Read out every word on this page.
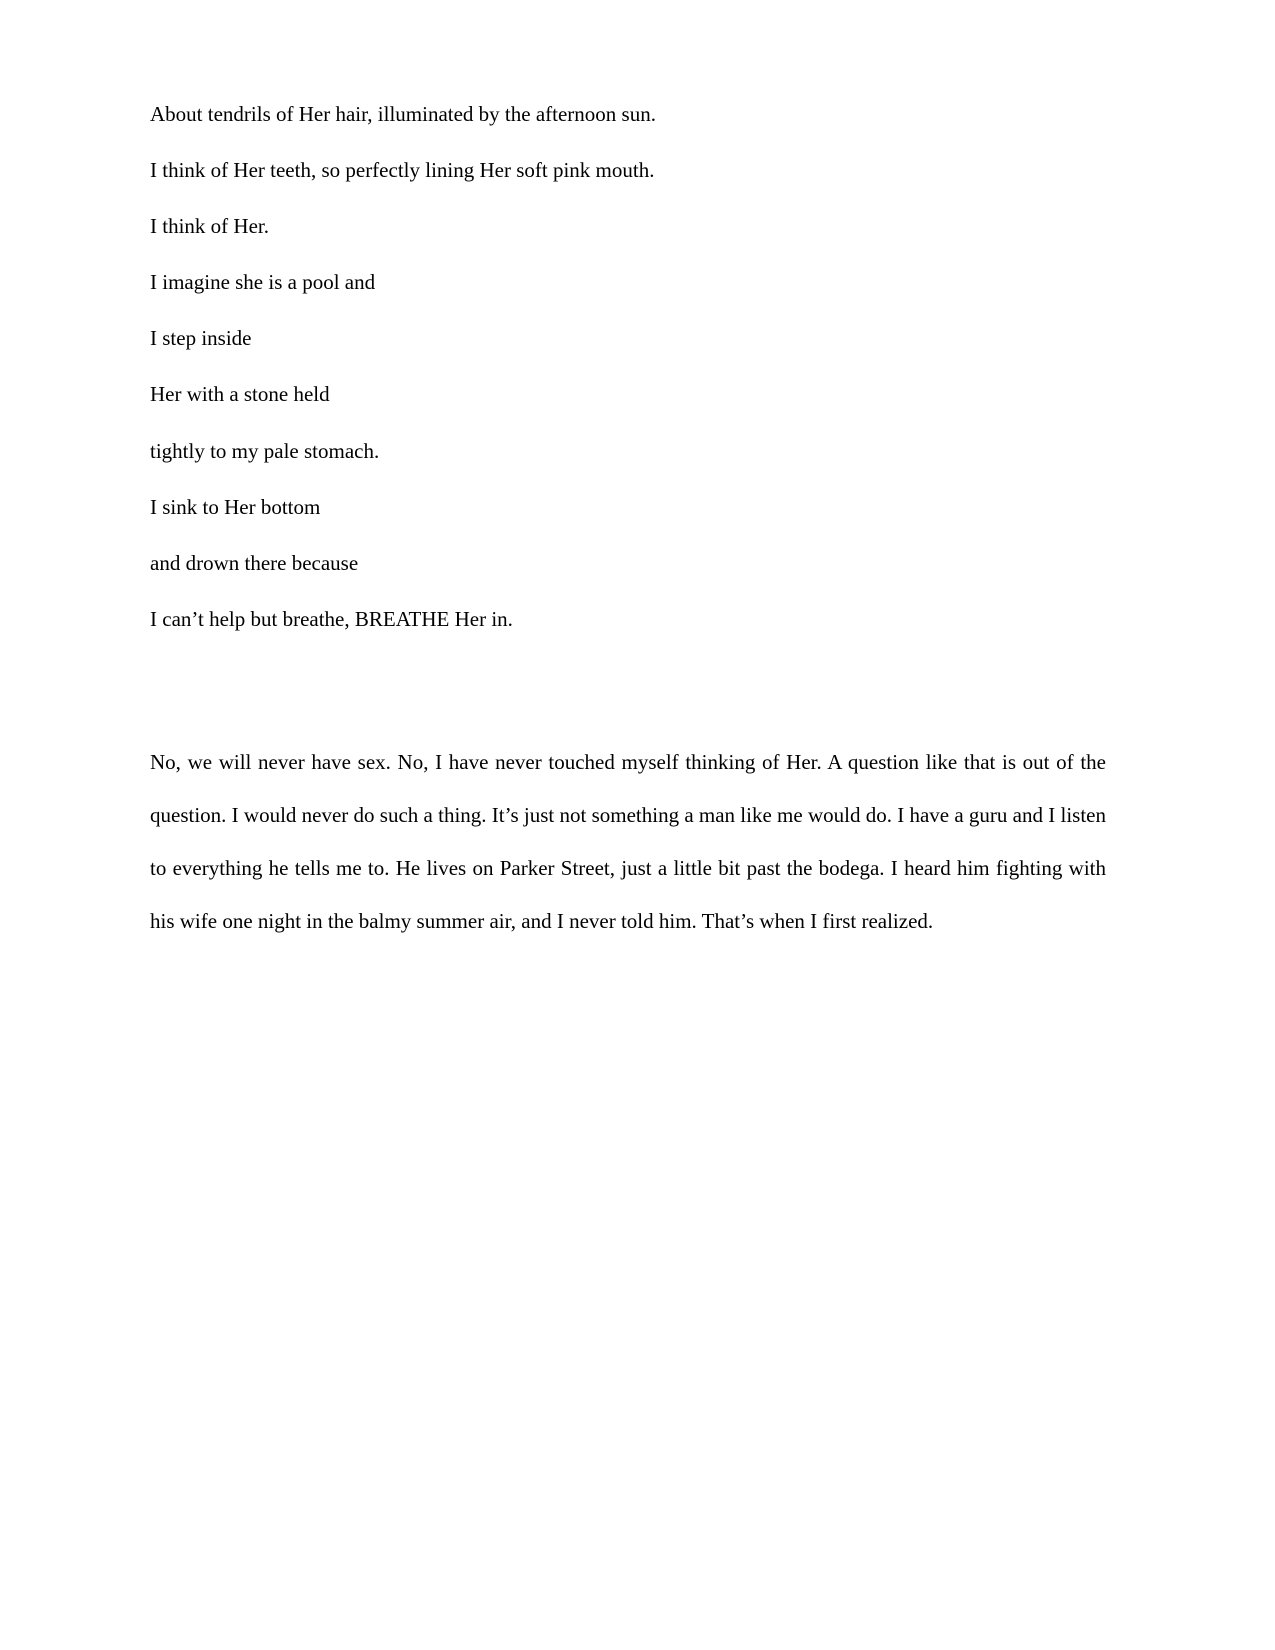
About tendrils of Her hair, illuminated by the afternoon sun.
I think of Her teeth, so perfectly lining Her soft pink mouth.
I think of Her.
I imagine she is a pool and
I step inside
Her with a stone held
tightly to my pale stomach.
I sink to Her bottom
and drown there because
I can’t help but breathe, BREATHE Her in.

No, we will never have sex. No, I have never touched myself thinking of Her. A question like that is out of the question. I would never do such a thing. It’s just not something a man like me would do. I have a guru and I listen to everything he tells me to. He lives on Parker Street, just a little bit past the bodega. I heard him fighting with his wife one night in the balmy summer air, and I never told him. That’s when I first realized.
